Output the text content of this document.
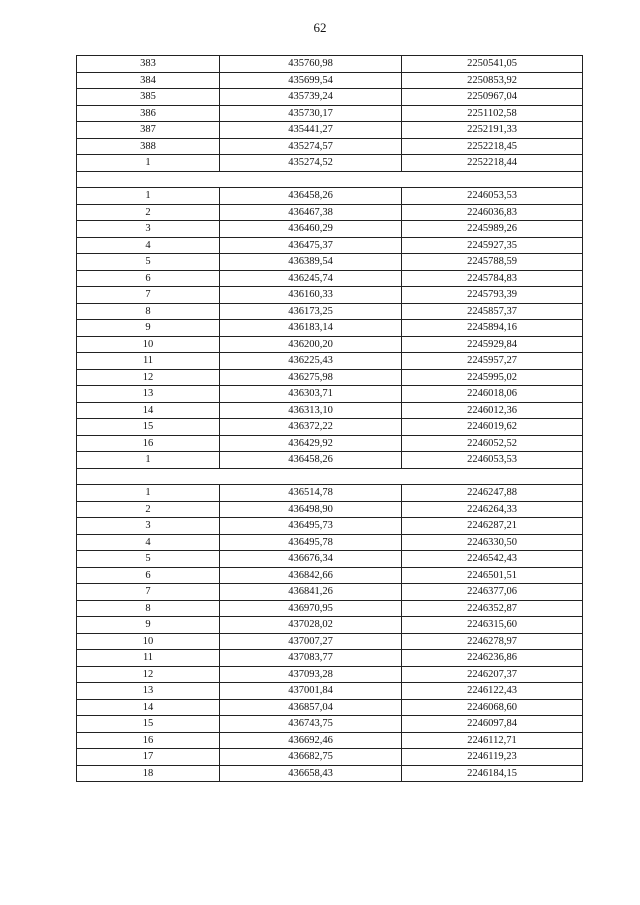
62
383	435760,98	2250541,05
384	435699,54	2250853,92
385	435739,24	2250967,04
386	435730,17	2251102,58
387	435441,27	2252191,33
388	435274,57	2252218,45
1	435274,52	2252218,44

1	436458,26	2246053,53
2	436467,38	2246036,83
3	436460,29	2245989,26
4	436475,37	2245927,35
5	436389,54	2245788,59
6	436245,74	2245784,83
7	436160,33	2245793,39
8	436173,25	2245857,37
9	436183,14	2245894,16
10	436200,20	2245929,84
11	436225,43	2245957,27
12	436275,98	2245995,02
13	436303,71	2246018,06
14	436313,10	2246012,36
15	436372,22	2246019,62
16	436429,92	2246052,52
1	436458,26	2246053,53

1	436514,78	2246247,88
2	436498,90	2246264,33
3	436495,73	2246287,21
4	436495,78	2246330,50
5	436676,34	2246542,43
6	436842,66	2246501,51
7	436841,26	2246377,06
8	436970,95	2246352,87
9	437028,02	2246315,60
10	437007,27	2246278,97
11	437083,77	2246236,86
12	437093,28	2246207,37
13	437001,84	2246122,43
14	436857,04	2246068,60
15	436743,75	2246097,84
16	436692,46	2246112,71
17	436682,75	2246119,23
18	436658,43	2246184,15
